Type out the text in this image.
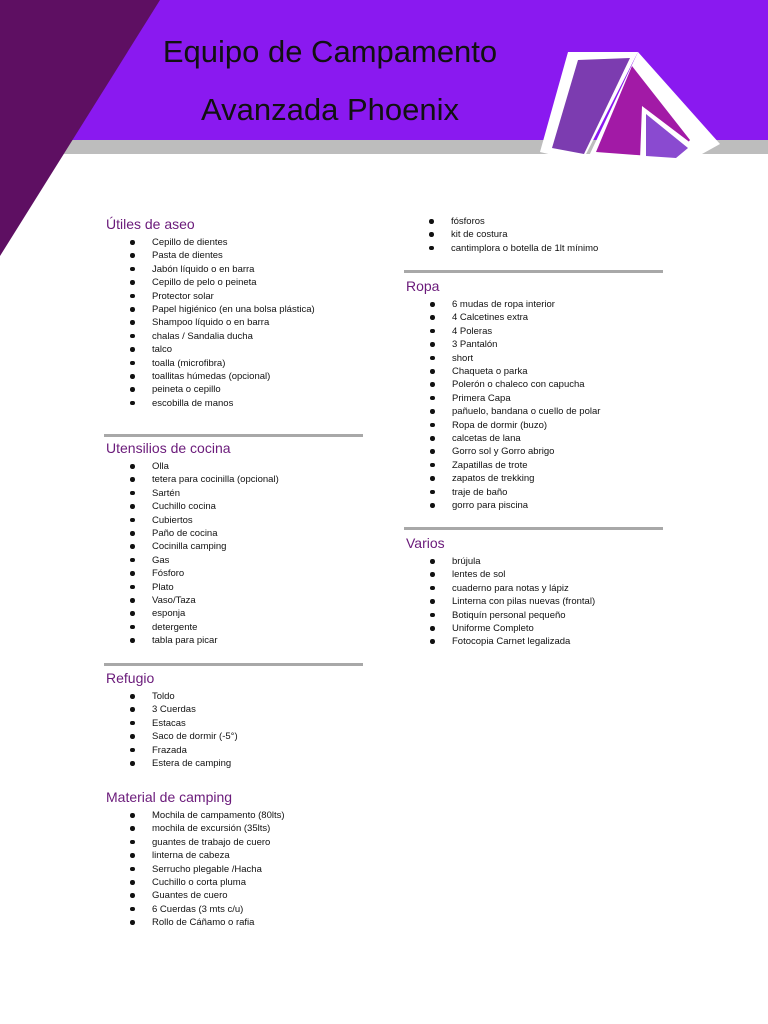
Equipo de Campamento
Avanzada Phoenix
Útiles de aseo
Cepillo de dientes
Pasta de dientes
Jabón líquido o en barra
Cepillo de pelo o peineta
Protector solar
Papel higiénico (en una bolsa plástica)
Shampoo líquido o en barra
chalas / Sandalia ducha
talco
toalla (microfibra)
toallitas húmedas (opcional)
peineta o cepillo
escobilla de manos
Utensilios de cocina
Olla
tetera para cocinilla (opcional)
Sartén
Cuchillo cocina
Cubiertos
Paño de cocina
Cocinilla camping
Gas
Fósforo
Plato
Vaso/Taza
esponja
detergente
tabla para picar
Refugio
Toldo
3 Cuerdas
Estacas
Saco de dormir (-5°)
Frazada
Estera de camping
Material de camping
Mochila de campamento (80lts)
mochila de excursión (35lts)
guantes de trabajo de cuero
linterna de cabeza
Serrucho plegable /Hacha
Cuchillo o corta pluma
Guantes de cuero
6 Cuerdas (3 mts c/u)
Rollo de Cáñamo o rafia
fósforos
kit de costura
cantimplora o botella de 1lt mínimo
Ropa
6 mudas de ropa interior
4 Calcetines extra
4 Poleras
3 Pantalón
short
Chaqueta o parka
Polerón o chaleco con capucha
Primera Capa
pañuelo, bandana o cuello de polar
Ropa de dormir (buzo)
calcetas de lana
Gorro sol y Gorro abrigo
Zapatillas de trote
zapatos de trekking
traje de baño
gorro para piscina
Varios
brújula
lentes de sol
cuaderno para notas y lápiz
Linterna con pilas nuevas (frontal)
Botiquín personal pequeño
Uniforme Completo
Fotocopia Carnet legalizada
